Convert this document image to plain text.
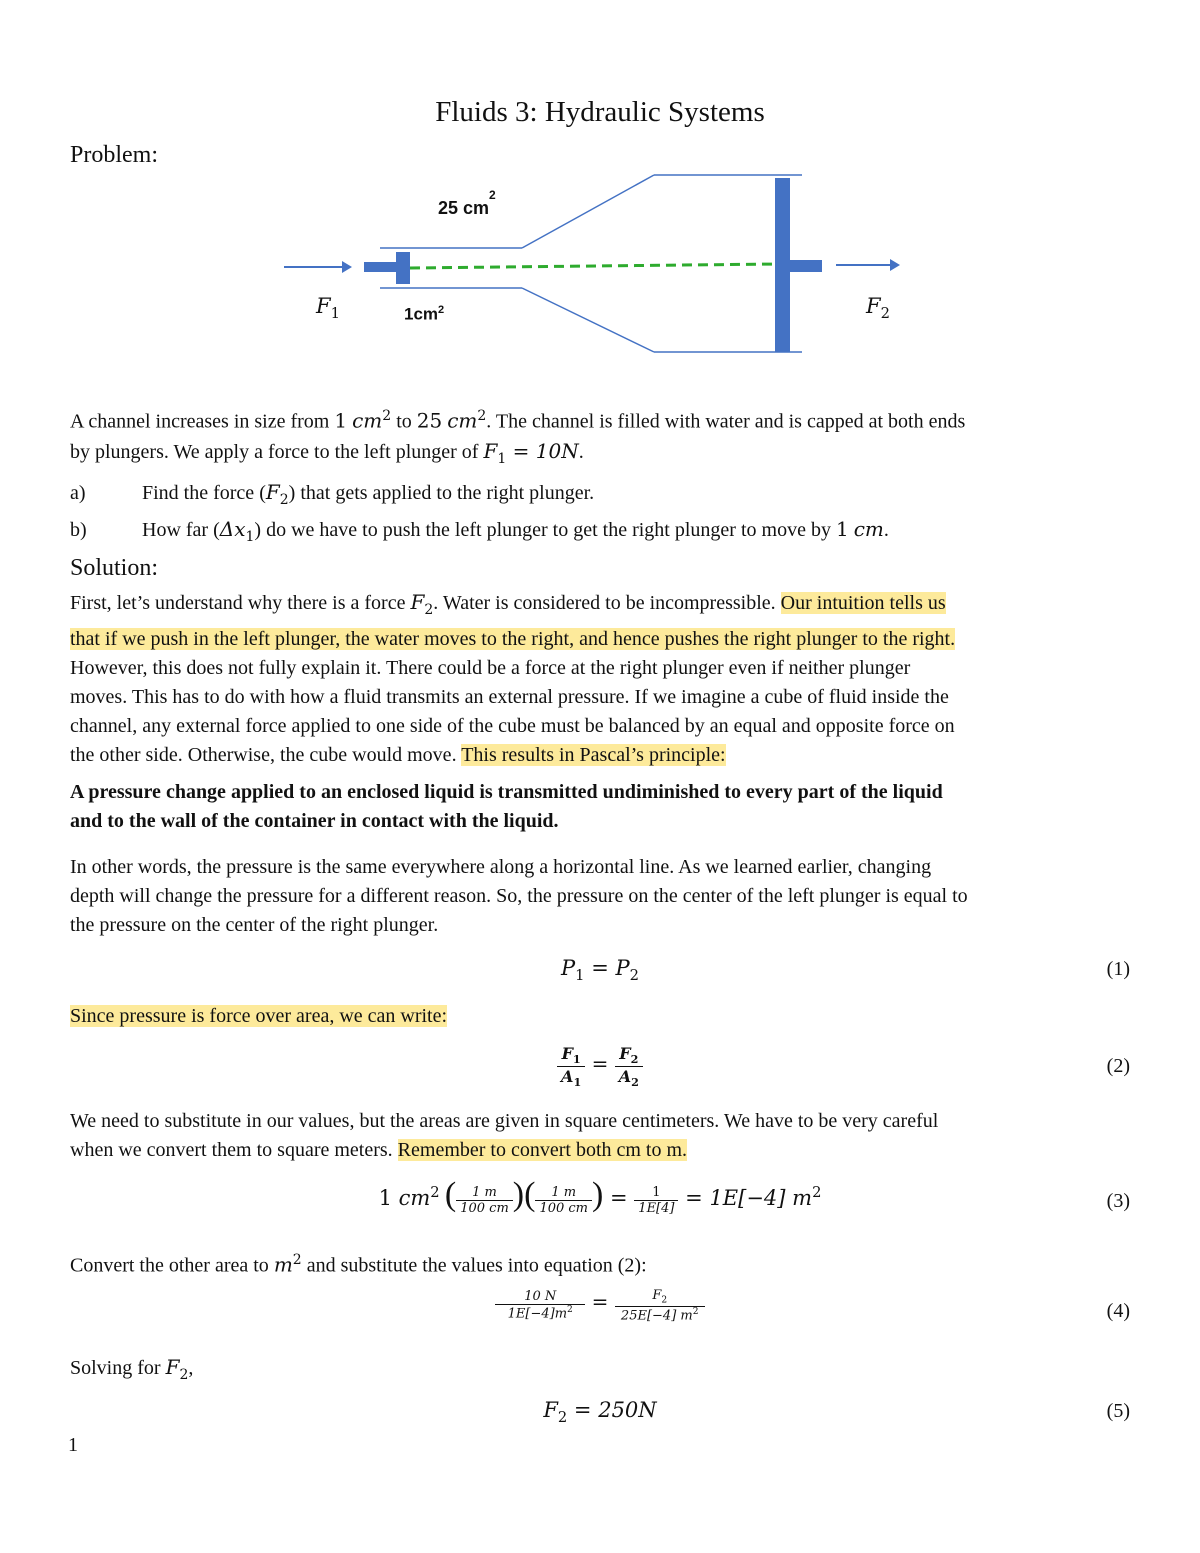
Fluids 3: Hydraulic Systems
Problem:
25 $cm^2$
$1cm^2$
$F_1$	$F_2$
A channel increases in size from 1 $cm^2$ to 25 $cm^2$. The channel is filled with water and is capped at both ends
by plungers. We apply a force to the left plunger of $F_1 = 10N$.
a)	Find the force $(F_2)$ that gets applied to the right plunger.
b)	How far $(\Delta x_1)$ do we have to push the left plunger to get the right plunger to move by 1 cm.
Solution:
First, let’s understand why there is a force $F_2$. Water is considered to be incompressible. Our intuition tells us
that if we push in the left plunger, the water moves to the right, and hence pushes the right plunger to the right.
However, this does not fully explain it. There could be a force at the right plunger even if neither plunger
moves. This has to do with how a fluid transmits an external pressure. If we imagine a cube of fluid inside the
channel, any external force applied to one side of the cube must be balanced by an equal and opposite force on
the other side. Otherwise, the cube would move. This results in Pascal’s principle:
A pressure change applied to an enclosed liquid is transmitted undiminished to every part of the liquid
and to the wall of the container in contact with the liquid.
In other words, the pressure is the same everywhere along a horizontal line. As we learned earlier, changing
depth will change the pressure for a different reason. So, the pressure on the center of the left plunger is equal to
the pressure on the center of the right plunger.
$P_1 = P_2$	(1)
Since pressure is force over area, we can write:
$\frac{F_1}{A_1} = \frac{F_2}{A_2}$	(2)
We need to substitute in our values, but the areas are given in square centimeters. We have to be very careful
when we convert them to square meters. Remember to convert both cm to m.
1 $cm^2$ ( $\frac{1 m}{100 cm}$ )( $\frac{1 m}{100 cm}$ ) = $\frac{1}{1E[4]} = 1E[-4]$ $m^2$	(3)
Convert the other area to $m^2$ and substitute the values into equation (2):
$\frac{10 N}{1E[-4]m^2} = \frac{F_2}{25E[-4] m^2}$	(4)
Solving for $F_2$,
$F_2 = 250N$	(5)
1
